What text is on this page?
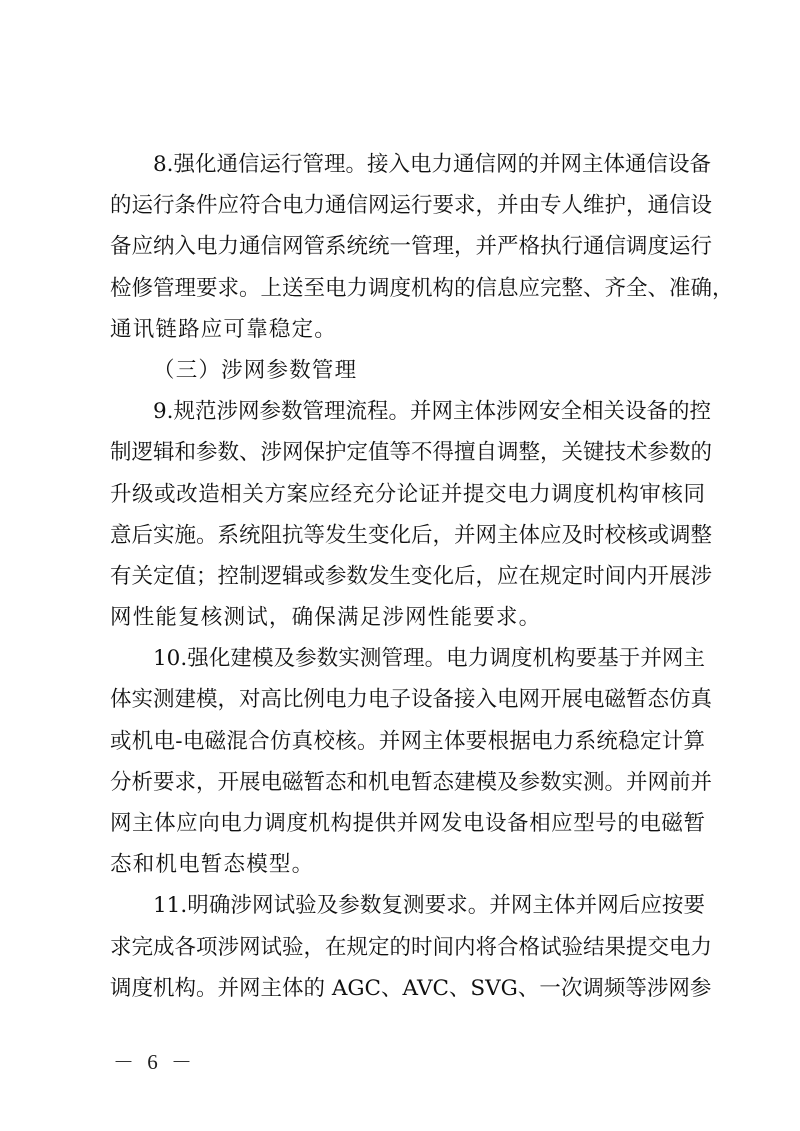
8.强化通信运行管理。接入电力通信网的并网主体通信设备
的运行条件应符合电力通信网运行要求，并由专人维护，通信设
备应纳入电力通信网管系统统一管理，并严格执行通信调度运行
检修管理要求。上送至电力调度机构的信息应完整、齐全、准确，
通讯链路应可靠稳定。
（三）涉网参数管理
9.规范涉网参数管理流程。并网主体涉网安全相关设备的控
制逻辑和参数、涉网保护定值等不得擅自调整，关键技术参数的
升级或改造相关方案应经充分论证并提交电力调度机构审核同
意后实施。系统阻抗等发生变化后，并网主体应及时校核或调整
有关定值；控制逻辑或参数发生变化后，应在规定时间内开展涉
网性能复核测试，确保满足涉网性能要求。
10.强化建模及参数实测管理。电力调度机构要基于并网主
体实测建模，对高比例电力电子设备接入电网开展电磁暂态仿真
或机电-电磁混合仿真校核。并网主体要根据电力系统稳定计算
分析要求，开展电磁暂态和机电暂态建模及参数实测。并网前并
网主体应向电力调度机构提供并网发电设备相应型号的电磁暂
态和机电暂态模型。
11.明确涉网试验及参数复测要求。并网主体并网后应按要
求完成各项涉网试验，在规定的时间内将合格试验结果提交电力
调度机构。并网主体的 AGC、AVC、SVG、一次调频等涉网参
－ 6 －
